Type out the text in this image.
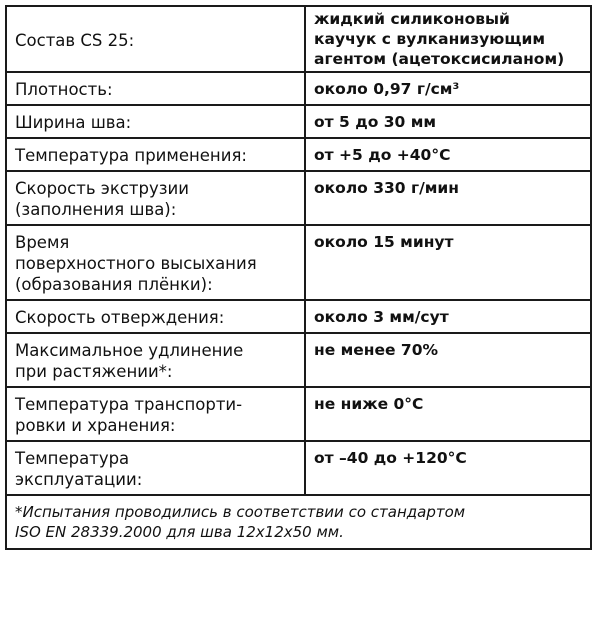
Состав CS 25:	жидкий силиконовый
каучук с вулканизующим
агентом (ацетоксисиланом)

Плотность:	около 0,97 г/см³
Ширина шва:	от 5 до 30 мм
Температура применения:	от +5 до +40°C

Скорость экструзии
(заполнения шва):	около 330 г/мин

Время
поверхностного высыхания
(образования плёнки):	около 15 минут
Скорость отверждения:	около 3 мм/сут

Максимальное удлинение
при растяжении*:	не менее 70%

Температура транспорти-
ровки и хранения:	не ниже 0°C

Температура
эксплуатации:	от –40 до +120°C

*Испытания проводились в соответствии со стандартом
ISO EN 28339.2000 для шва 12х12х50 мм.	
